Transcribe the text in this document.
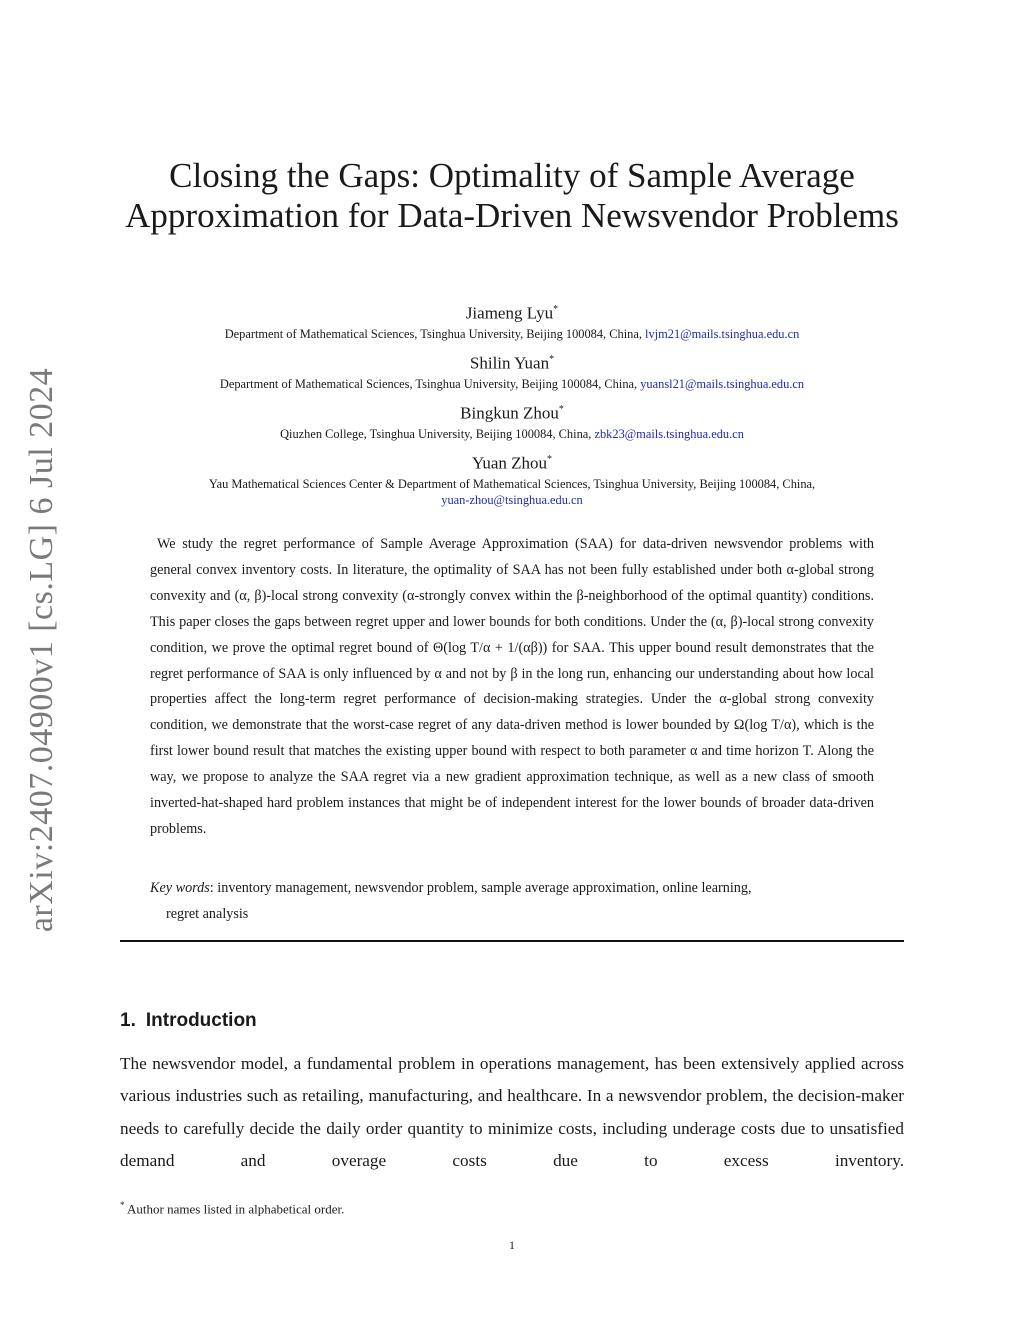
arXiv:2407.04900v1 [cs.LG] 6 Jul 2024
Closing the Gaps: Optimality of Sample Average Approximation for Data-Driven Newsvendor Problems
Jiameng Lyu*
Department of Mathematical Sciences, Tsinghua University, Beijing 100084, China, lvjm21@mails.tsinghua.edu.cn
Shilin Yuan*
Department of Mathematical Sciences, Tsinghua University, Beijing 100084, China, yuansl21@mails.tsinghua.edu.cn
Bingkun Zhou*
Qiuzhen College, Tsinghua University, Beijing 100084, China, zbk23@mails.tsinghua.edu.cn
Yuan Zhou*
Yau Mathematical Sciences Center & Department of Mathematical Sciences, Tsinghua University, Beijing 100084, China,
yuan-zhou@tsinghua.edu.cn

We study the regret performance of Sample Average Approximation (SAA) for data-driven newsvendor problems with general convex inventory costs. In literature, the optimality of SAA has not been fully established under both α-global strong convexity and (α, β)-local strong convexity (α-strongly convex within the β-neighborhood of the optimal quantity) conditions. This paper closes the gaps between regret upper and lower bounds for both conditions. Under the (α, β)-local strong convexity condition, we prove the optimal regret bound of Θ(log T/α + 1/(αβ)) for SAA. This upper bound result demonstrates that the regret performance of SAA is only influenced by α and not by β in the long run, enhancing our understanding about how local properties affect the long-term regret performance of decision-making strategies. Under the α-global strong convexity condition, we demonstrate that the worst-case regret of any data-driven method is lower bounded by Ω(log T/α), which is the first lower bound result that matches the existing upper bound with respect to both parameter α and time horizon T. Along the way, we propose to analyze the SAA regret via a new gradient approximation technique, as well as a new class of smooth inverted-hat-shaped hard problem instances that might be of independent interest for the lower bounds of broader data-driven problems.

Key words: inventory management, newsvendor problem, sample average approximation, online learning,
regret analysis
1. Introduction

The newsvendor model, a fundamental problem in operations management, has been extensively applied across various industries such as retailing, manufacturing, and healthcare. In a newsvendor problem, the decision-maker needs to carefully decide the daily order quantity to minimize costs, including underage costs due to unsatisfied demand and overage costs due to excess inventory.

* Author names listed in alphabetical order.
1
